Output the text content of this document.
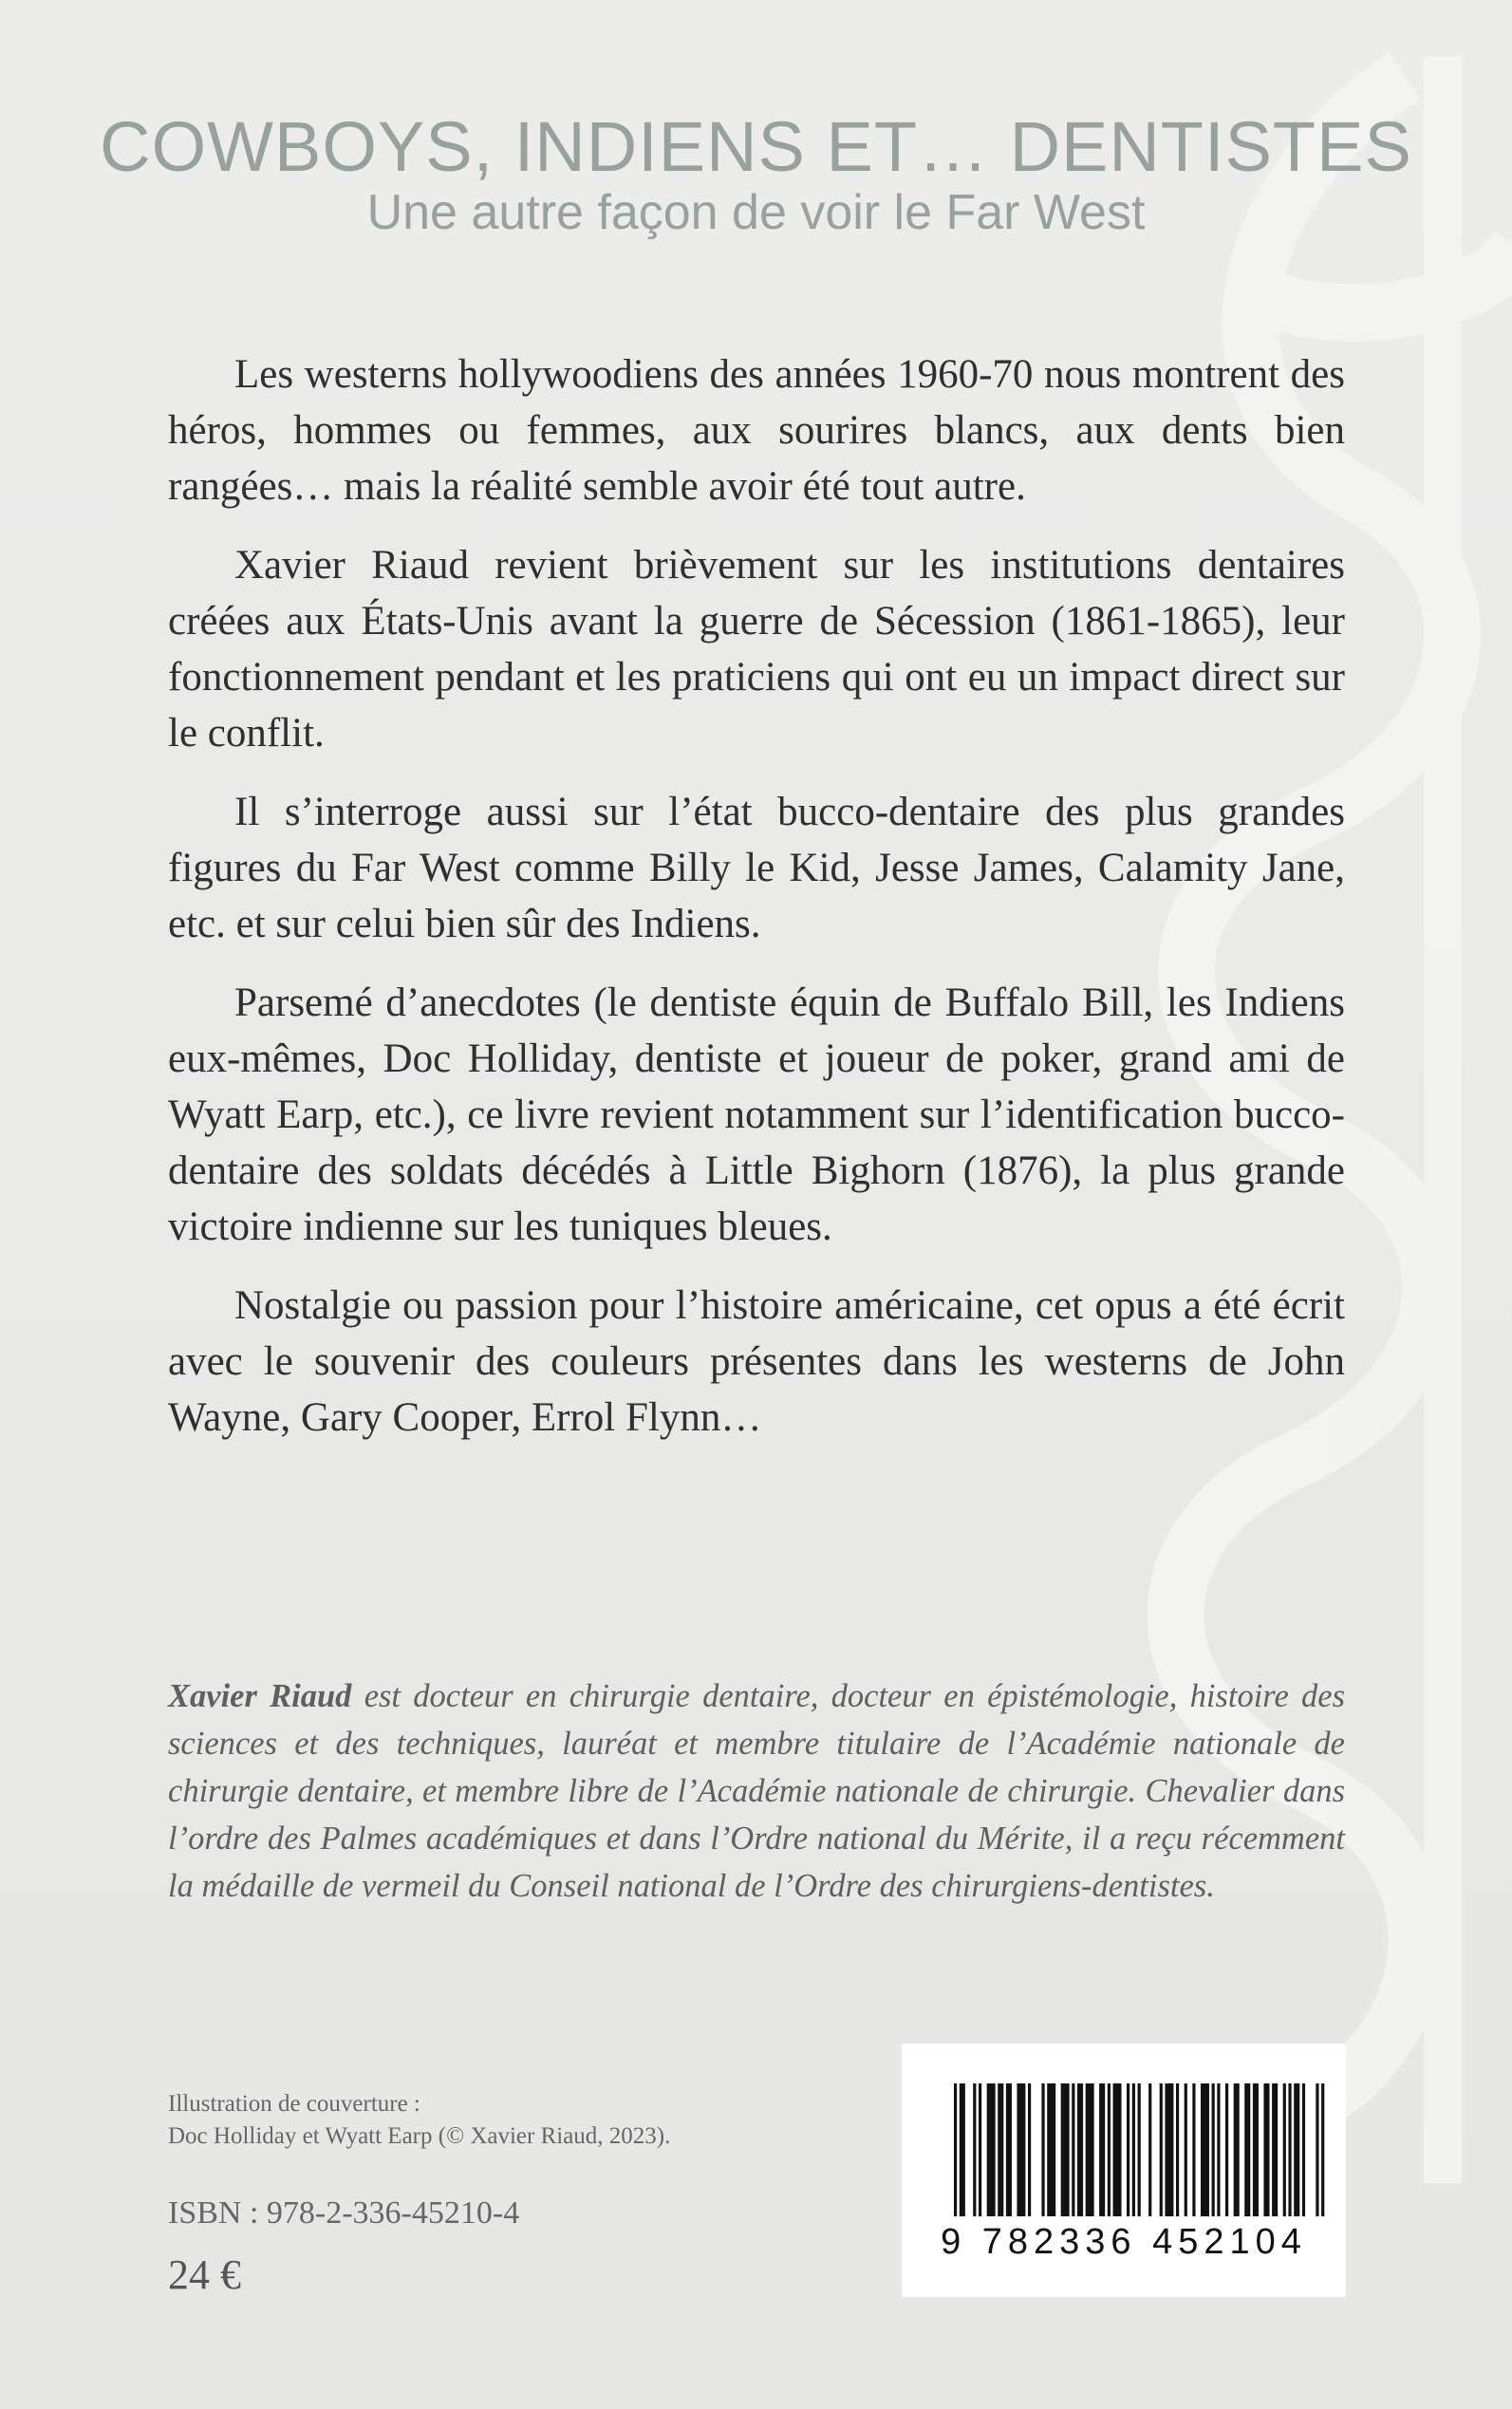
COWBOYS, INDIENS ET… DENTISTES
Une autre façon de voir le Far West

Les westerns hollywoodiens des années 1960-70 nous montrent des héros, hommes ou femmes, aux sourires blancs, aux dents bien rangées… mais la réalité semble avoir été tout autre.

Xavier Riaud revient brièvement sur les institutions dentaires créées aux États-Unis avant la guerre de Sécession (1861-1865), leur fonctionnement pendant et les praticiens qui ont eu un impact direct sur le conflit.

Il s’interroge aussi sur l’état bucco-dentaire des plus grandes figures du Far West comme Billy le Kid, Jesse James, Calamity Jane, etc. et sur celui bien sûr des Indiens.

Parsemé d’anecdotes (le dentiste équin de Buffalo Bill, les Indiens eux-mêmes, Doc Holliday, dentiste et joueur de poker, grand ami de Wyatt Earp, etc.), ce livre revient notamment sur l’identification bucco-dentaire des soldats décédés à Little Bighorn (1876), la plus grande victoire indienne sur les tuniques bleues.

Nostalgie ou passion pour l’histoire américaine, cet opus a été écrit avec le souvenir des couleurs présentes dans les westerns de John Wayne, Gary Cooper, Errol Flynn…

Xavier Riaud est docteur en chirurgie dentaire, docteur en épistémologie, histoire des sciences et des techniques, lauréat et membre titulaire de l’Académie nationale de chirurgie dentaire, et membre libre de l’Académie nationale de chirurgie. Chevalier dans l’ordre des Palmes académiques et dans l’Ordre national du Mérite, il a reçu récemment la médaille de vermeil du Conseil national de l’Ordre des chirurgiens-dentistes.

Illustration de couverture :
Doc Holliday et Wyatt Earp (© Xavier Riaud, 2023).
ISBN : 978-2-336-45210-4
24 €
9 782336 452104
